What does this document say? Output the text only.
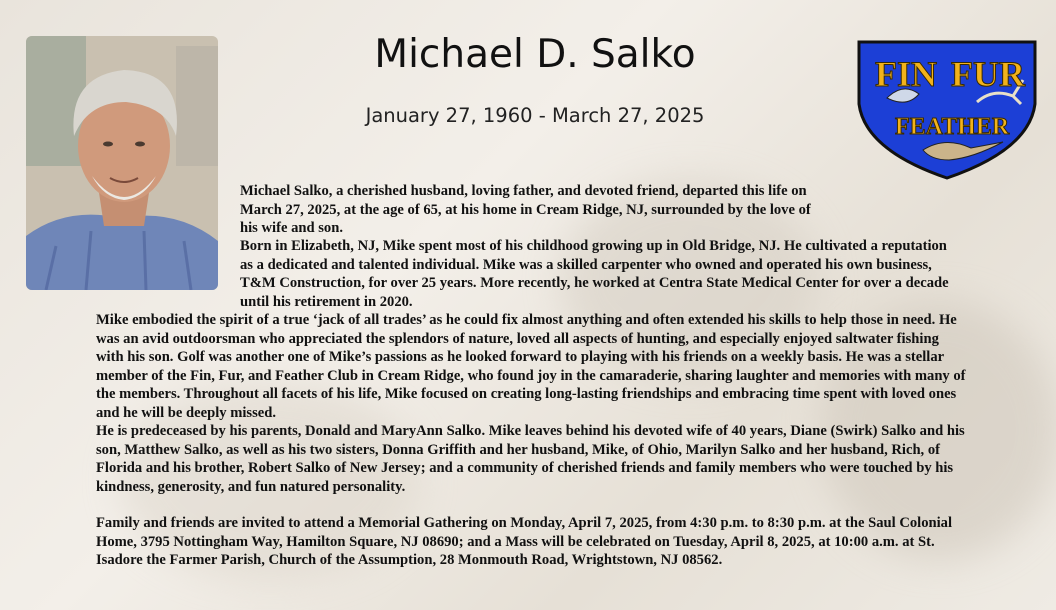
Michael D. Salko
January 27, 1960 - March 27, 2025
FIN FUR
FEATHER

Michael Salko, a cherished husband, loving father, and devoted friend, departed this life on March 27, 2025, at the age of 65, at his home in Cream Ridge, NJ, surrounded by the love of his wife and son.

Born in Elizabeth, NJ, Mike spent most of his childhood growing up in Old Bridge, NJ. He cultivated a reputation as a dedicated and talented individual. Mike was a skilled carpenter who owned and operated his own business, T&M Construction, for over 25 years. More recently, he worked at Centra State Medical Center for over a decade until his retirement in 2020.

Mike embodied the spirit of a true ‘jack of all trades’ as he could fix almost anything and often extended his skills to help those in need. He was an avid outdoorsman who appreciated the splendors of nature, loved all aspects of hunting, and especially enjoyed saltwater fishing with his son. Golf was another one of Mike’s passions as he looked forward to playing with his friends on a weekly basis. He was a stellar member of the Fin, Fur, and Feather Club in Cream Ridge, who found joy in the camaraderie, sharing laughter and memories with many of the members. Throughout all facets of his life, Mike focused on creating long-lasting friendships and embracing time spent with loved ones and he will be deeply missed.

He is predeceased by his parents, Donald and MaryAnn Salko. Mike leaves behind his devoted wife of 40 years, Diane (Swirk) Salko and his son, Matthew Salko, as well as his two sisters, Donna Griffith and her husband, Mike, of Ohio, Marilyn Salko and her husband, Rich, of Florida and his brother, Robert Salko of New Jersey; and a community of cherished friends and family members who were touched by his kindness, generosity, and fun natured personality.

Family and friends are invited to attend a Memorial Gathering on Monday, April 7, 2025, from 4:30 p.m. to 8:30 p.m. at the Saul Colonial Home, 3795 Nottingham Way, Hamilton Square, NJ 08690; and a Mass will be celebrated on Tuesday, April 8, 2025, at 10:00 a.m. at St. Isadore the Farmer Parish, Church of the Assumption, 28 Monmouth Road, Wrightstown, NJ 08562.
